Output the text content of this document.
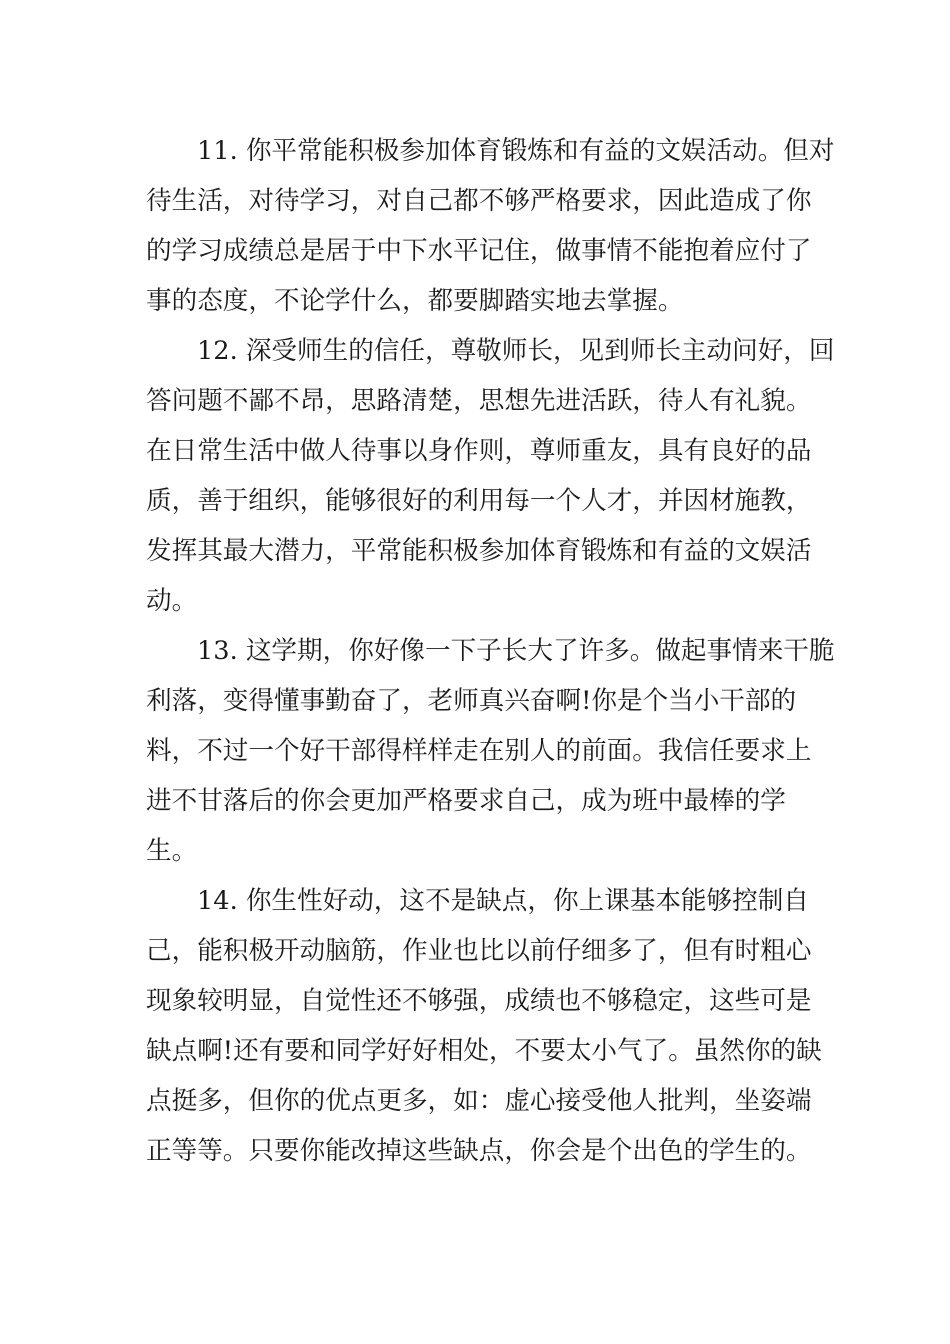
11. 你平常能积极参加体育锻炼和有益的文娱活动。但对待生活，对待学习，对自己都不够严格要求，因此造成了你的学习成绩总是居于中下水平记住，做事情不能抱着应付了事的态度，不论学什么，都要脚踏实地去掌握。

12. 深受师生的信任，尊敬师长，见到师长主动问好，回答问题不鄙不昂，思路清楚，思想先进活跃，待人有礼貌。在日常生活中做人待事以身作则，尊师重友，具有良好的品质，善于组织，能够很好的利用每一个人才，并因材施教，发挥其最大潜力，平常能积极参加体育锻炼和有益的文娱活动。

13. 这学期，你好像一下子长大了许多。做起事情来干脆利落，变得懂事勤奋了，老师真兴奋啊!你是个当小干部的料，不过一个好干部得样样走在别人的前面。我信任要求上进不甘落后的你会更加严格要求自己，成为班中最棒的学生。

14. 你生性好动，这不是缺点，你上课基本能够控制自己，能积极开动脑筋，作业也比以前仔细多了，但有时粗心现象较明显，自觉性还不够强，成绩也不够稳定，这些可是缺点啊!还有要和同学好好相处，不要太小气了。虽然你的缺点挺多，但你的优点更多，如：虚心接受他人批判，坐姿端正等等。只要你能改掉这些缺点，你会是个出色的学生的。
